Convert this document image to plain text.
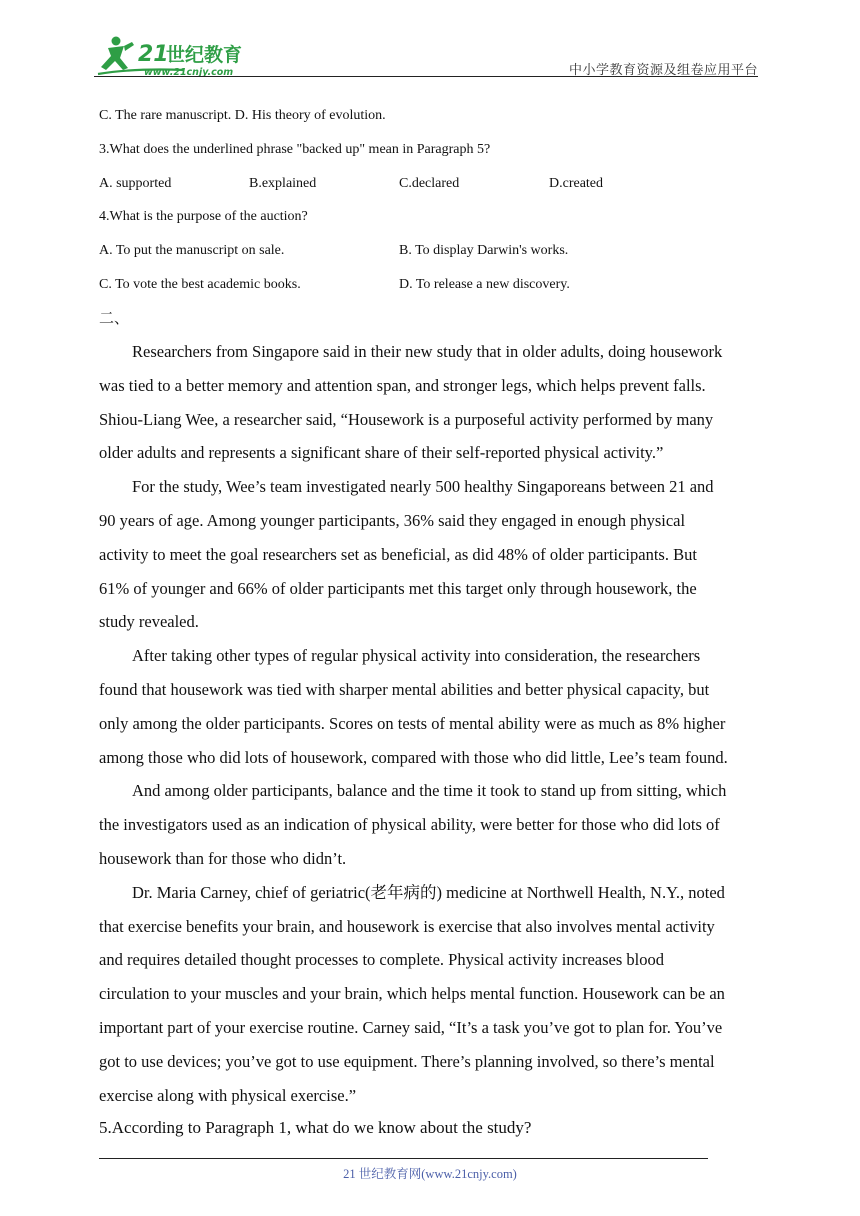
21
世纪教育
www.21cnjy.com	中小学教育资源及组卷应用平台
C. The rare manuscript. D. His theory of evolution.
3.What does the underlined phrase "backed up" mean in Paragraph 5?
A. supported	B.explained	C.declared	D.created
4.What is the purpose of the auction?
A. To put the manuscript on sale.	B. To display Darwin's works.
C. To vote the best academic books.	D. To release a new discovery.
二、
Researchers from Singapore said in their new study that in older adults, doing housework
was tied to a better memory and attention span, and stronger legs, which helps prevent falls.
Shiou-Liang Wee, a researcher said, “Housework is a purposeful activity performed by many
older adults and represents a significant share of their self-reported physical activity.”
For the study, Wee’s team investigated nearly 500 healthy Singaporeans between 21 and
90 years of age. Among younger participants, 36% said they engaged in enough physical
activity to meet the goal researchers set as beneficial, as did 48% of older participants. But
61% of younger and 66% of older participants met this target only through housework, the
study revealed.
After taking other types of regular physical activity into consideration, the researchers
found that housework was tied with sharper mental abilities and better physical capacity, but
only among the older participants. Scores on tests of mental ability were as much as 8% higher
among those who did lots of housework, compared with those who did little, Lee’s team found.
And among older participants, balance and the time it took to stand up from sitting, which
the investigators used as an indication of physical ability, were better for those who did lots of
housework than for those who didn’t.
Dr. Maria Carney, chief of geriatric(老年病的) medicine at Northwell Health, N.Y., noted
that exercise benefits your brain, and housework is exercise that also involves mental activity
and requires detailed thought processes to complete. Physical activity increases blood
circulation to your muscles and your brain, which helps mental function. Housework can be an
important part of your exercise routine. Carney said, “It’s a task you’ve got to plan for. You’ve
got to use devices; you’ve got to use equipment. There’s planning involved, so there’s mental
exercise along with physical exercise.”
5.According to Paragraph 1, what do we know about the study?
21 世纪教育网(www.21cnjy.com)
